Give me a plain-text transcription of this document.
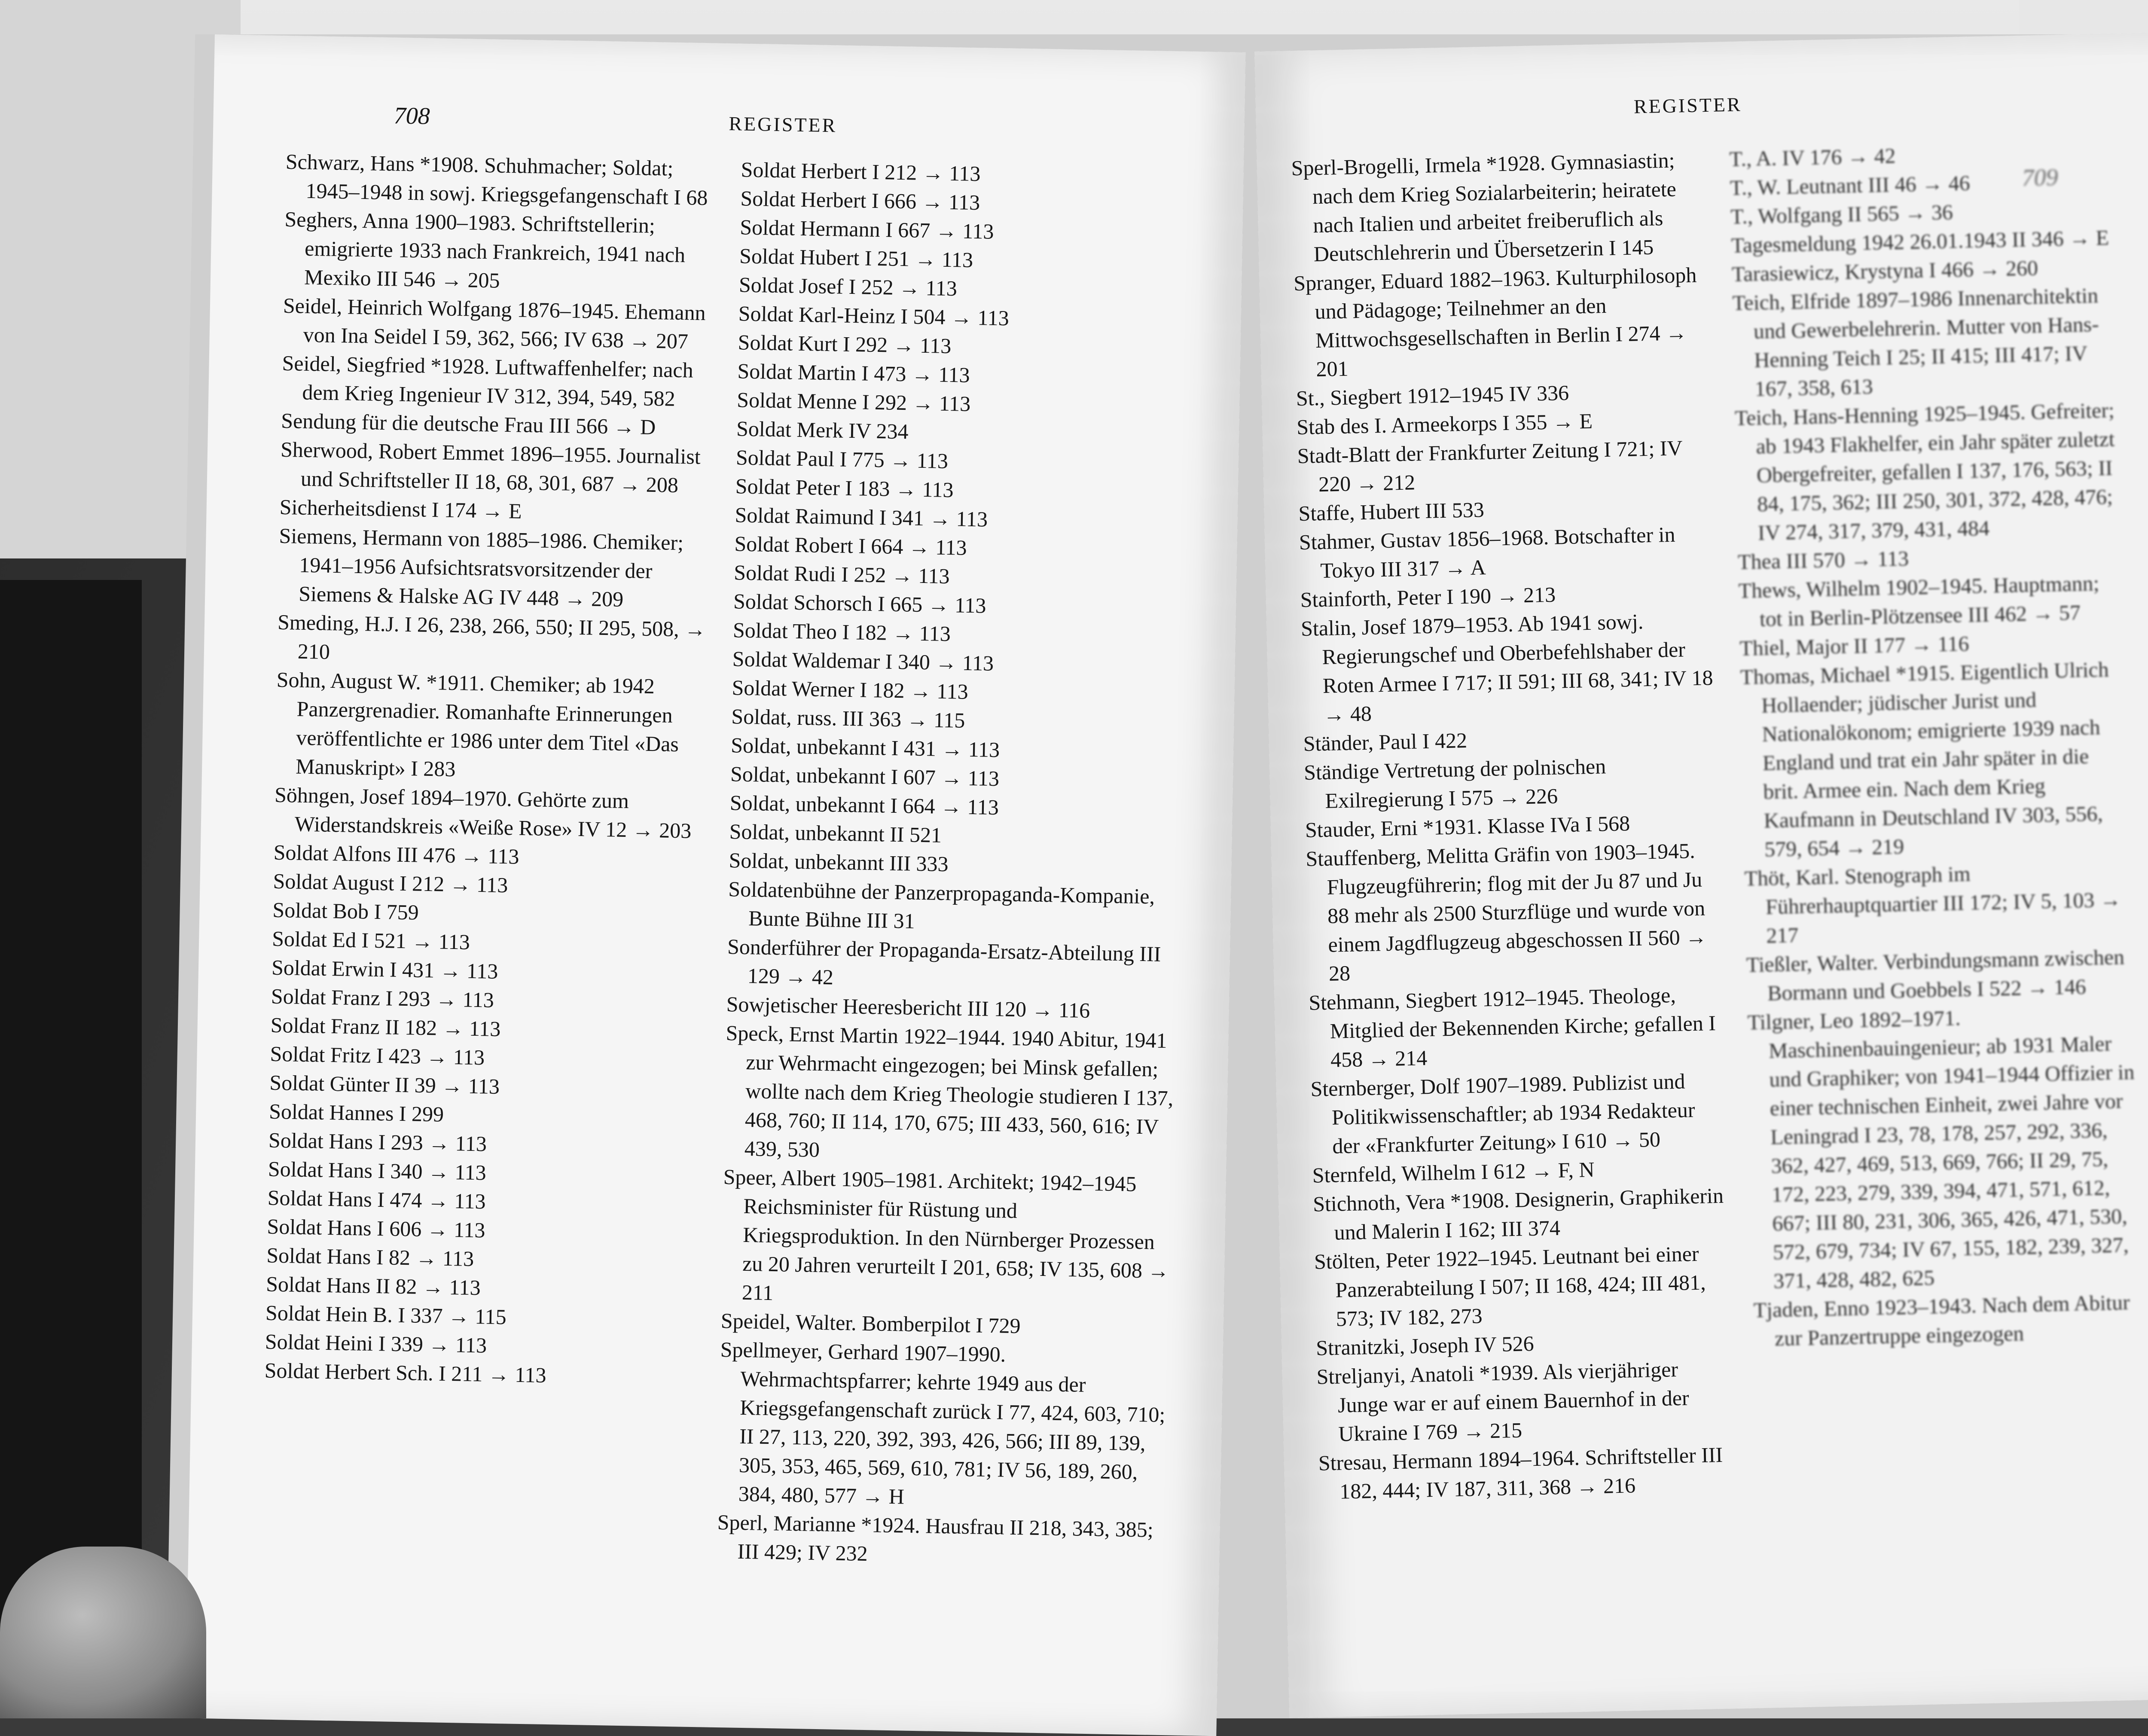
708	REGISTER

Schwarz, Hans *1908. Schuhmacher; Soldat; 1945–1948 in sowj. Kriegsgefangenschaft I 68

Seghers, Anna 1900–1983. Schriftstellerin; emigrierte 1933 nach Frankreich, 1941 nach Mexiko III 546 → 205

Seidel, Heinrich Wolfgang 1876–1945. Ehemann von Ina Seidel I 59, 362, 566; IV 638 → 207

Seidel, Siegfried *1928. Luftwaffenhelfer; nach dem Krieg Ingenieur IV 312, 394, 549, 582

Sendung für die deutsche Frau III 566 → D

Sherwood, Robert Emmet 1896–1955. Journalist und Schriftsteller II 18, 68, 301, 687 → 208

Sicherheitsdienst I 174 → E

Siemens, Hermann von 1885–1986. Chemiker; 1941–1956 Aufsichtsratsvorsitzender der Siemens & Halske AG IV 448 → 209

Smeding, H.J. I 26, 238, 266, 550; II 295, 508, → 210

Sohn, August W. *1911. Chemiker; ab 1942 Panzergrenadier. Romanhafte Erinnerungen veröffentlichte er 1986 unter dem Titel «Das Manuskript» I 283

Söhngen, Josef 1894–1970. Gehörte zum Widerstandskreis «Weiße Rose» IV 12 → 203

Soldat Alfons III 476 → 113

Soldat August I 212 → 113

Soldat Bob I 759

Soldat Ed I 521 → 113

Soldat Erwin I 431 → 113

Soldat Franz I 293 → 113

Soldat Franz II 182 → 113

Soldat Fritz I 423 → 113

Soldat Günter II 39 → 113

Soldat Hannes I 299

Soldat Hans I 293 → 113

Soldat Hans I 340 → 113

Soldat Hans I 474 → 113

Soldat Hans I 606 → 113

Soldat Hans I 82 → 113

Soldat Hans II 82 → 113

Soldat Hein B. I 337 → 115

Soldat Heini I 339 → 113

Soldat Herbert Sch. I 211 → 113

Soldat Herbert I 212 → 113

Soldat Herbert I 666 → 113

Soldat Hermann I 667 → 113

Soldat Hubert I 251 → 113

Soldat Josef I 252 → 113

Soldat Karl-Heinz I 504 → 113

Soldat Kurt I 292 → 113

Soldat Martin I 473 → 113

Soldat Menne I 292 → 113

Soldat Merk IV 234

Soldat Paul I 775 → 113

Soldat Peter I 183 → 113

Soldat Raimund I 341 → 113

Soldat Robert I 664 → 113

Soldat Rudi I 252 → 113

Soldat Schorsch I 665 → 113

Soldat Theo I 182 → 113

Soldat Waldemar I 340 → 113

Soldat Werner I 182 → 113

Soldat, russ. III 363 → 115

Soldat, unbekannt I 431 → 113

Soldat, unbekannt I 607 → 113

Soldat, unbekannt I 664 → 113

Soldat, unbekannt II 521

Soldat, unbekannt III 333

Soldatenbühne der Panzerpropaganda-Kompanie, Bunte Bühne III 31

Sonderführer der Propaganda-Ersatz-Abteilung III 129 → 42

Sowjetischer Heeresbericht III 120 → 116

Speck, Ernst Martin 1922–1944. 1940 Abitur, 1941 zur Wehrmacht eingezogen; bei Minsk gefallen; wollte nach dem Krieg Theologie studieren I 137, 468, 760; II 114, 170, 675; III 433, 560, 616; IV 439, 530

Speer, Albert 1905–1981. Architekt; 1942–1945 Reichsminister für Rüstung und Kriegsproduktion. In den Nürnberger Prozessen zu 20 Jahren verurteilt I 201, 658; IV 135, 608 → 211

Speidel, Walter. Bomberpilot I 729

Spellmeyer, Gerhard 1907–1990. Wehrmachtspfarrer; kehrte 1949 aus der Kriegsgefangenschaft zurück I 77, 424, 603, 710; II 27, 113, 220, 392, 393, 426, 566; III 89, 139, 305, 353, 465, 569, 610, 781; IV 56, 189, 260, 384, 480, 577 → H

Sperl, Marianne *1924. Hausfrau II 218, 343, 385; III 429; IV 232

REGISTER
709

Sperl-Brogelli, Irmela *1928. Gymnasiastin; nach dem Krieg Sozialarbeiterin; heiratete nach Italien und arbeitet freiberuflich als Deutschlehrerin und Übersetzerin I 145

Spranger, Eduard 1882–1963. Kulturphilosoph und Pädagoge; Teilnehmer an den Mittwochsgesellschaften in Berlin I 274 → 201

St., Siegbert 1912–1945 IV 336

Stab des I. Armeekorps I 355 → E

Stadt-Blatt der Frankfurter Zeitung I 721; IV 220 → 212

Staffe, Hubert III 533

Stahmer, Gustav 1856–1968. Botschafter in Tokyo III 317 → A

Stainforth, Peter I 190 → 213

Stalin, Josef 1879–1953. Ab 1941 sowj. Regierungschef und Oberbefehlshaber der Roten Armee I 717; II 591; III 68, 341; IV 18 → 48

Ständer, Paul I 422

Ständige Vertretung der polnischen Exilregierung I 575 → 226

Stauder, Erni *1931. Klasse IVa I 568

Stauffenberg, Melitta Gräfin von 1903–1945. Flugzeugführerin; flog mit der Ju 87 und Ju 88 mehr als 2500 Sturzflüge und wurde von einem Jagdflugzeug abgeschossen II 560 → 28

Stehmann, Siegbert 1912–1945. Theologe, Mitglied der Bekennenden Kirche; gefallen I 458 → 214

Sternberger, Dolf 1907–1989. Publizist und Politikwissenschaftler; ab 1934 Redakteur der «Frankfurter Zeitung» I 610 → 50

Sternfeld, Wilhelm I 612 → F, N

Stichnoth, Vera *1908. Designerin, Graphikerin und Malerin I 162; III 374

Stölten, Peter 1922–1945. Leutnant bei einer Panzerabteilung I 507; II 168, 424; III 481, 573; IV 182, 273

Stranitzki, Joseph IV 526

Streljanyi, Anatoli *1939. Als vierjähriger Junge war er auf einem Bauernhof in der Ukraine I 769 → 215

Stresau, Hermann 1894–1964. Schriftsteller III 182, 444; IV 187, 311, 368 → 216

T., A. IV 176 → 42

T., W. Leutnant III 46 → 46

T., Wolfgang II 565 → 36

Tagesmeldung 1942 26.01.1943 II 346 → E

Tarasiewicz, Krystyna I 466 → 260

Teich, Elfride 1897–1986 Innenarchitektin und Gewerbelehrerin. Mutter von Hans-Henning Teich I 25; II 415; III 417; IV 167, 358, 613

Teich, Hans-Henning 1925–1945. Gefreiter; ab 1943 Flakhelfer, ein Jahr später zuletzt Obergefreiter, gefallen I 137, 176, 563; II 84, 175, 362; III 250, 301, 372, 428, 476; IV 274, 317, 379, 431, 484

Thea III 570 → 113

Thews, Wilhelm 1902–1945. Hauptmann; tot in Berlin-Plötzensee III 462 → 57

Thiel, Major II 177 → 116

Thomas, Michael *1915. Eigentlich Ulrich Hollaender; jüdischer Jurist und Nationalökonom; emigrierte 1939 nach England und trat ein Jahr später in die brit. Armee ein. Nach dem Krieg Kaufmann in Deutschland IV 303, 556, 579, 654 → 219

Thöt, Karl. Stenograph im Führerhauptquartier III 172; IV 5, 103 → 217

Tießler, Walter. Verbindungsmann zwischen Bormann und Goebbels I 522 → 146

Tilgner, Leo 1892–1971. Maschinenbauingenieur; ab 1931 Maler und Graphiker; von 1941–1944 Offizier in einer technischen Einheit, zwei Jahre vor Leningrad I 23, 78, 178, 257, 292, 336, 362, 427, 469, 513, 669, 766; II 29, 75, 172, 223, 279, 339, 394, 471, 571, 612, 667; III 80, 231, 306, 365, 426, 471, 530, 572, 679, 734; IV 67, 155, 182, 239, 327, 371, 428, 482, 625

Tjaden, Enno 1923–1943. Nach dem Abitur zur Panzertruppe eingezogen
